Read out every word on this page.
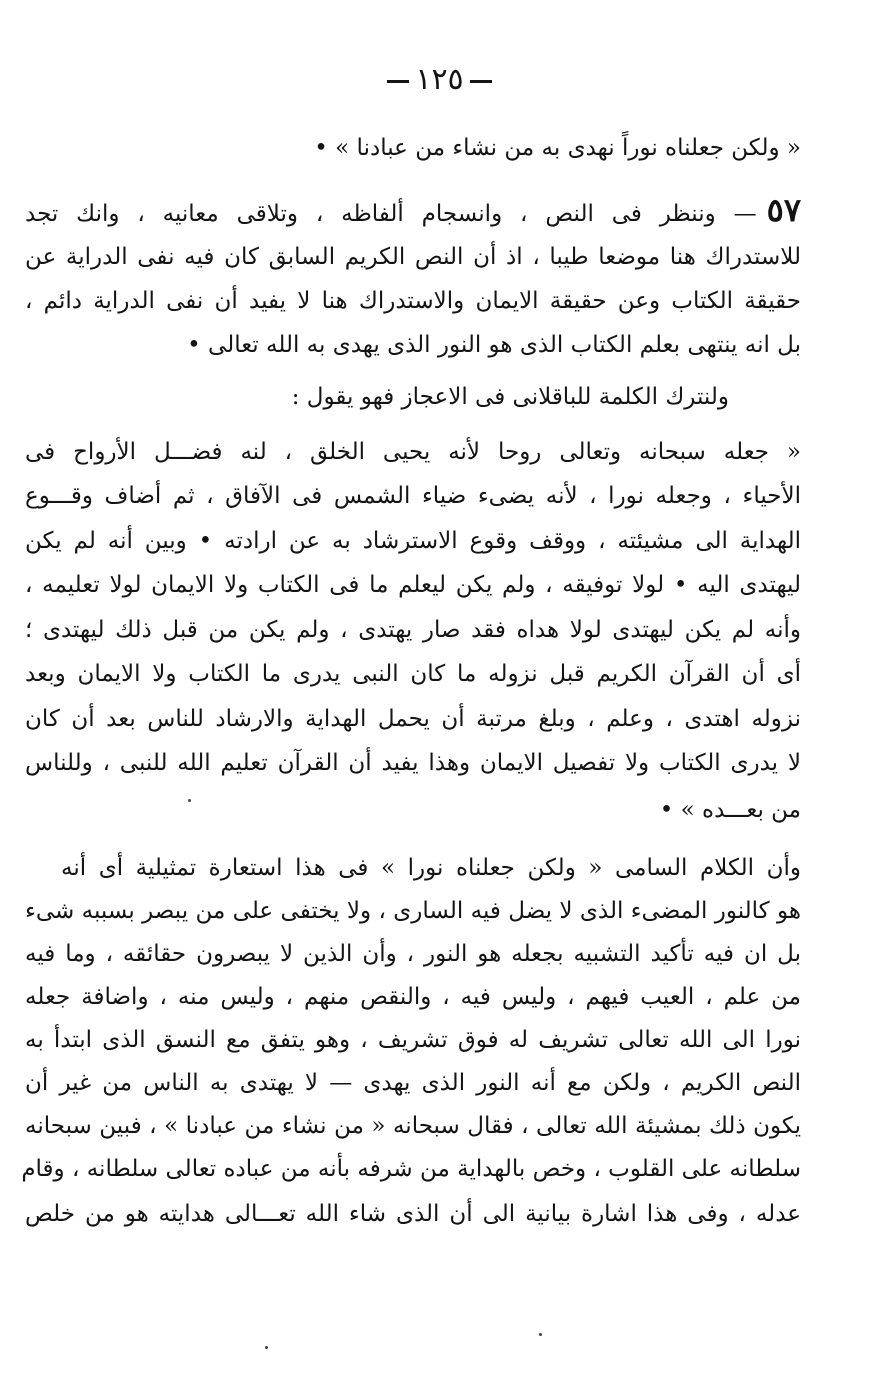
١٢٥
« ولكن جعلناه نوراً نهدى به من نشاء من عبادنا » •
٥٧— وننظر فى النص ، وانسجام ألفاظه ، وتلاقى معانيه ، وانك تجد
للاستدراك هنا موضعا طيبا ، اذ أن النص الكريم السابق كان فيه نفى الدراية عن
حقيقة الكتاب وعن حقيقة الايمان والاستدراك هنا لا يفيد أن نفى الدراية دائم ،
بل انه ينتهى بعلم الكتاب الذى هو النور الذى يهدى به الله تعالى •
ولنترك الكلمة للباقلانى فى الاعجاز فهو يقول :
« جعله سبحانه وتعالى روحا لأنه يحيى الخلق ، لنه فضـــل الأرواح فى
الأحياء ، وجعله نورا ، لأنه يضىء ضياء الشمس فى الآفاق ، ثم أضاف وقـــوع
الهداية الى مشيئته ، ووقف وقوع الاسترشاد به عن ارادته • وبين أنه لم يكن
ليهتدى اليه • لولا توفيقه ، ولم يكن ليعلم ما فى الكتاب ولا الايمان لولا تعليمه ،
وأنه لم يكن ليهتدى لولا هداه فقد صار يهتدى ، ولم يكن من قبل ذلك ليهتدى ؛
أى أن القرآن الكريم قبل نزوله ما كان النبى يدرى ما الكتاب ولا الايمان وبعد
نزوله اهتدى ، وعلم ، وبلغ مرتبة أن يحمل الهداية والارشاد للناس بعد أن كان
لا يدرى الكتاب ولا تفصيل الايمان وهذا يفيد أن القرآن تعليم الله للنبى ، وللناس
من بعـــده » •
وأن الكلام السامى « ولكن جعلناه نورا » فى هذا استعارة تمثيلية أى أنه
هو كالنور المضىء الذى لا يضل فيه السارى ، ولا يختفى على من يبصر بسببه شىء
بل ان فيه تأكيد التشبيه بجعله هو النور ، وأن الذين لا يبصرون حقائقه ، وما فيه
من علم ، العيب فيهم ، وليس فيه ، والنقص منهم ، وليس منه ، واضافة جعله
نورا الى الله تعالى تشريف له فوق تشريف ، وهو يتفق مع النسق الذى ابتدأ به
النص الكريم ، ولكن مع أنه النور الذى يهدى — لا يهتدى به الناس من غير أن
يكون ذلك بمشيئة الله تعالى ، فقال سبحانه « من نشاء من عبادنا » ، فبين سبحانه
سلطانه على القلوب ، وخص بالهداية من شرفه بأنه من عباده تعالى سلطانه ، وقام
عدله ، وفى هذا اشارة بيانية الى أن الذى شاء الله تعـــالى هدايته هو من خلص
